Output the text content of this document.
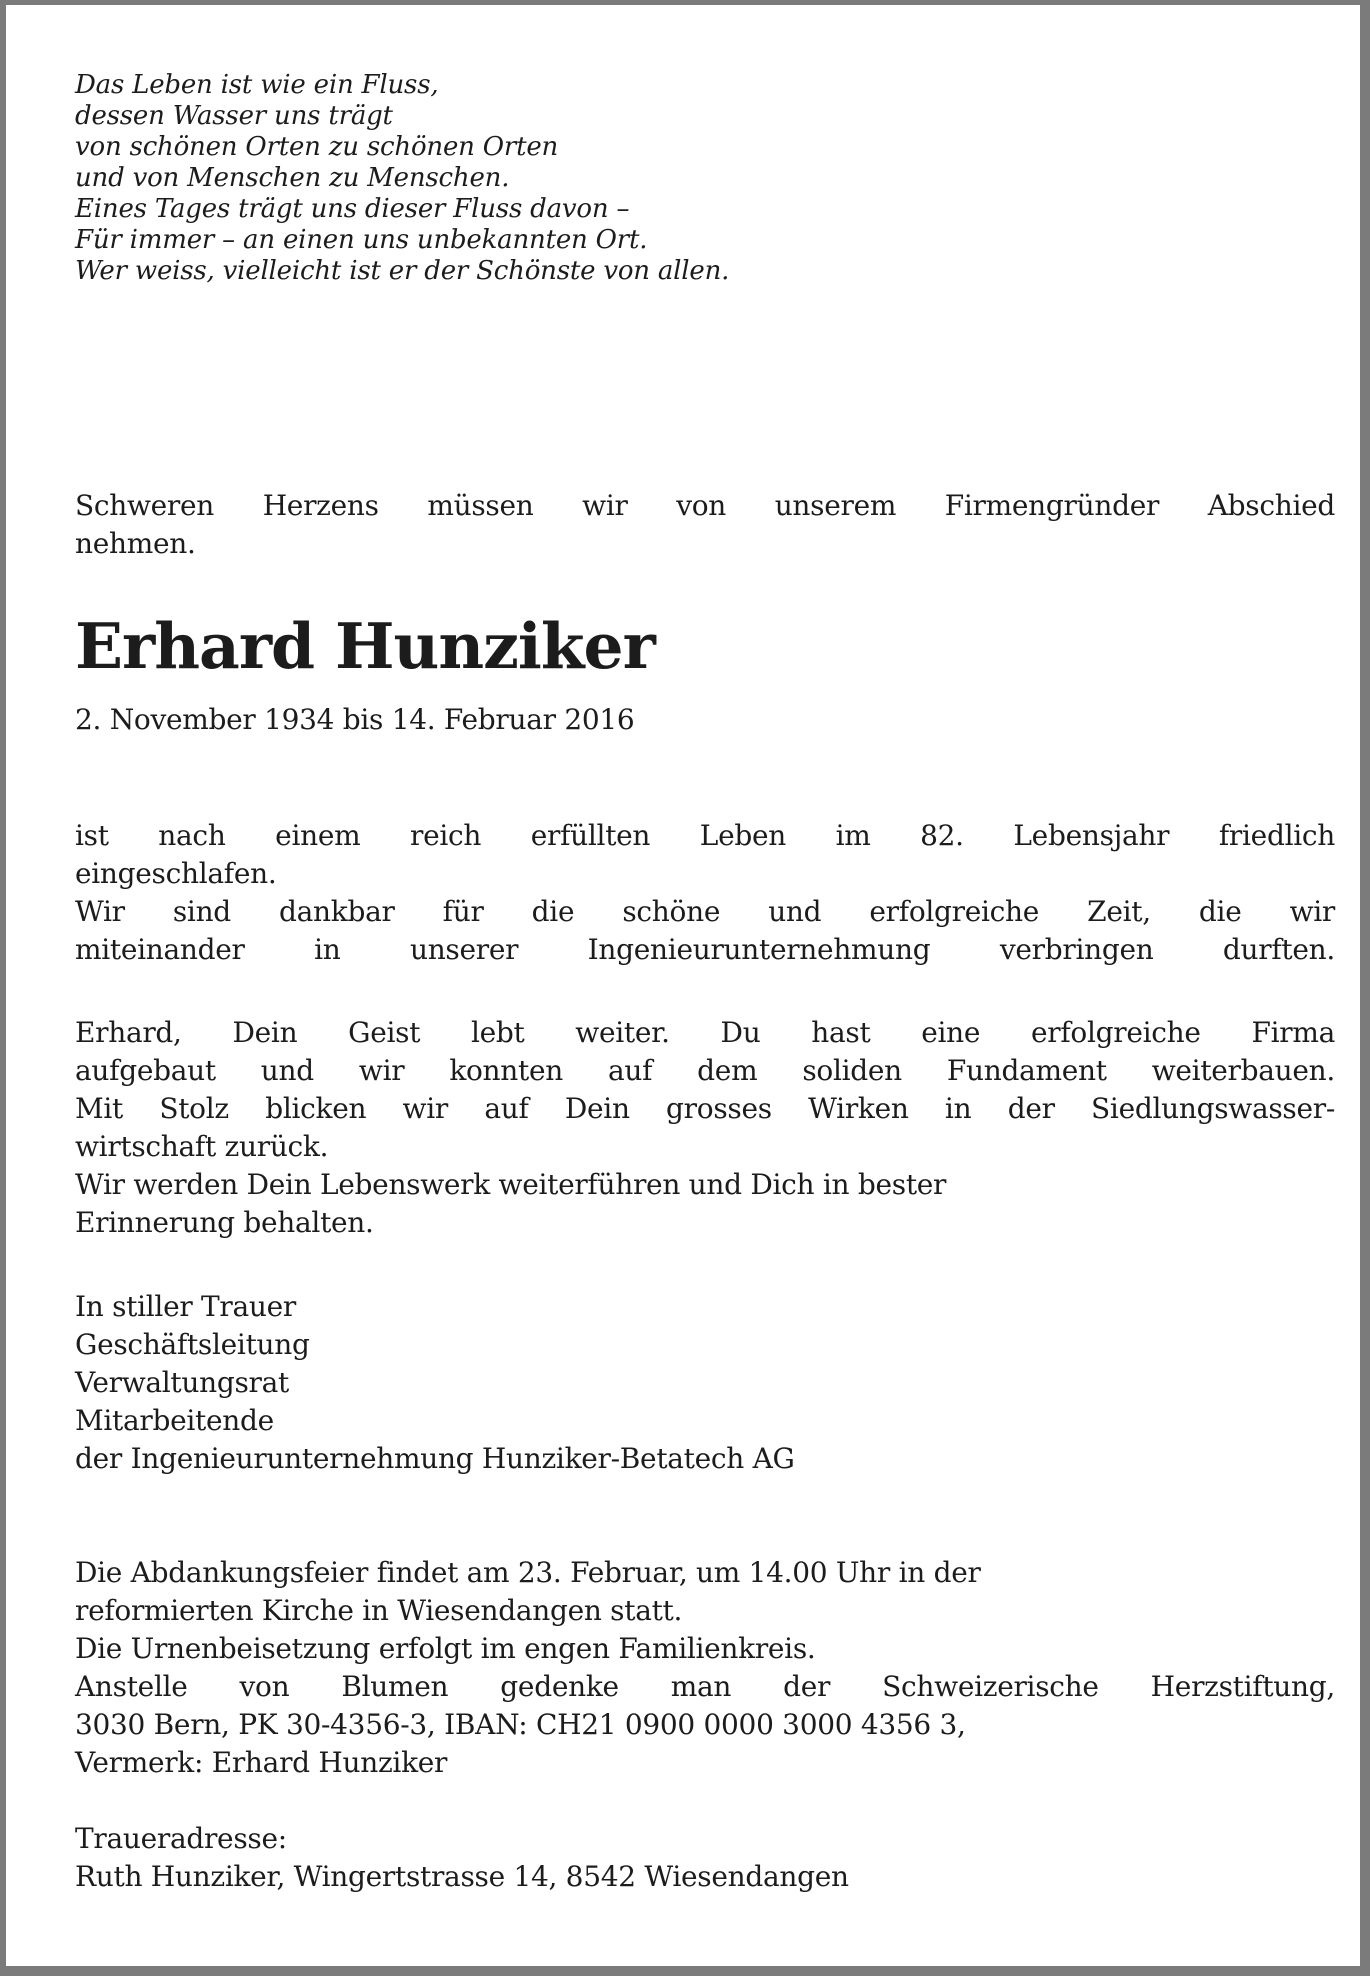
Das Leben ist wie ein Fluss,
dessen Wasser uns trägt
von schönen Orten zu schönen Orten
und von Menschen zu Menschen.
Eines Tages trägt uns dieser Fluss davon –
Für immer – an einen uns unbekannten Ort.
Wer weiss, vielleicht ist er der Schönste von allen.
Schweren Herzens müssen wir von unserem Firmengründer Abschied
nehmen.
Erhard Hunziker
2. November 1934 bis 14. Februar 2016
ist nach einem reich erfüllten Leben im 82. Lebensjahr friedlich
eingeschlafen.
Wir sind dankbar für die schöne und erfolgreiche Zeit, die wir
miteinander in unserer Ingenieurunternehmung verbringen durften.
Erhard, Dein Geist lebt weiter. Du hast eine erfolgreiche Firma
aufgebaut und wir konnten auf dem soliden Fundament weiterbauen.
Mit Stolz blicken wir auf Dein grosses Wirken in der Siedlungswasser-
wirtschaft zurück.
Wir werden Dein Lebenswerk weiterführen und Dich in bester
Erinnerung behalten.
In stiller Trauer
Geschäftsleitung
Verwaltungsrat
Mitarbeitende
der Ingenieurunternehmung Hunziker-Betatech AG
Die Abdankungsfeier findet am 23. Februar, um 14.00 Uhr in der
reformierten Kirche in Wiesendangen statt.
Die Urnenbeisetzung erfolgt im engen Familienkreis.
Anstelle von Blumen gedenke man der Schweizerische Herzstiftung,
3030 Bern, PK 30-4356-3, IBAN: CH21 0900 0000 3000 4356 3,
Vermerk: Erhard Hunziker
Traueradresse:
Ruth Hunziker, Wingertstrasse 14, 8542 Wiesendangen
